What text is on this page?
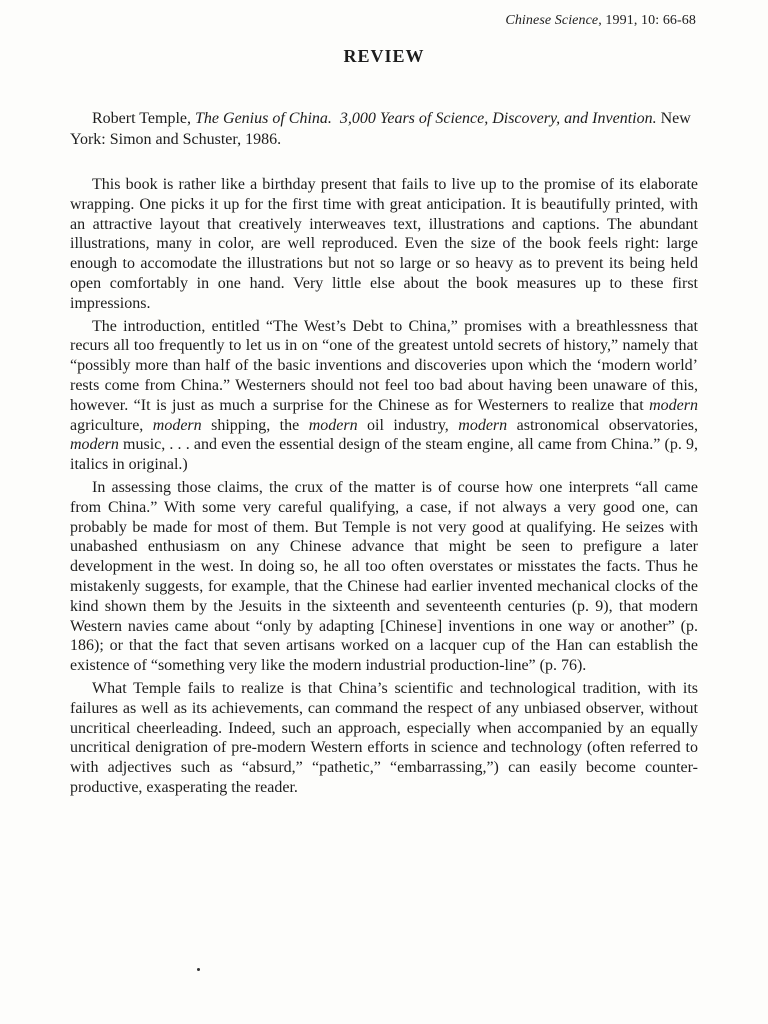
Chinese Science, 1991, 10: 66-68
REVIEW
Robert Temple, The Genius of China. 3,000 Years of Science, Discovery, and Invention. New York: Simon and Schuster, 1986.

This book is rather like a birthday present that fails to live up to the promise of its elaborate wrapping. One picks it up for the first time with great anticipation. It is beautifully printed, with an attractive layout that creatively interweaves text, illustrations and captions. The abundant illustrations, many in color, are well reproduced. Even the size of the book feels right: large enough to accomodate the illustrations but not so large or so heavy as to prevent its being held open comfortably in one hand. Very little else about the book measures up to these first impressions.

The introduction, entitled “The West’s Debt to China,” promises with a breathlessness that recurs all too frequently to let us in on “one of the greatest untold secrets of history,” namely that “possibly more than half of the basic inventions and discoveries upon which the ‘modern world’ rests come from China.” Westerners should not feel too bad about having been unaware of this, however. “It is just as much a surprise for the Chinese as for Westerners to realize that modern agriculture, modern shipping, the modern oil industry, modern astronomical observatories, modern music, . . . and even the essential design of the steam engine, all came from China.” (p. 9, italics in original.)

In assessing those claims, the crux of the matter is of course how one interprets “all came from China.” With some very careful qualifying, a case, if not always a very good one, can probably be made for most of them. But Temple is not very good at qualifying. He seizes with unabashed enthusiasm on any Chinese advance that might be seen to prefigure a later development in the west. In doing so, he all too often overstates or misstates the facts. Thus he mistakenly suggests, for example, that the Chinese had earlier invented mechanical clocks of the kind shown them by the Jesuits in the sixteenth and seventeenth centuries (p. 9), that modern Western navies came about “only by adapting [Chinese] inventions in one way or another” (p. 186); or that the fact that seven artisans worked on a lacquer cup of the Han can establish the existence of “something very like the modern industrial production-line” (p. 76).

What Temple fails to realize is that China’s scientific and technological tradition, with its failures as well as its achievements, can command the respect of any unbiased observer, without uncritical cheerleading. Indeed, such an approach, especially when accompanied by an equally uncritical denigration of pre-modern Western efforts in science and technology (often referred to with adjectives such as “absurd,” “pathetic,” “embarrassing,”) can easily become counter-productive, exasperating the reader.
